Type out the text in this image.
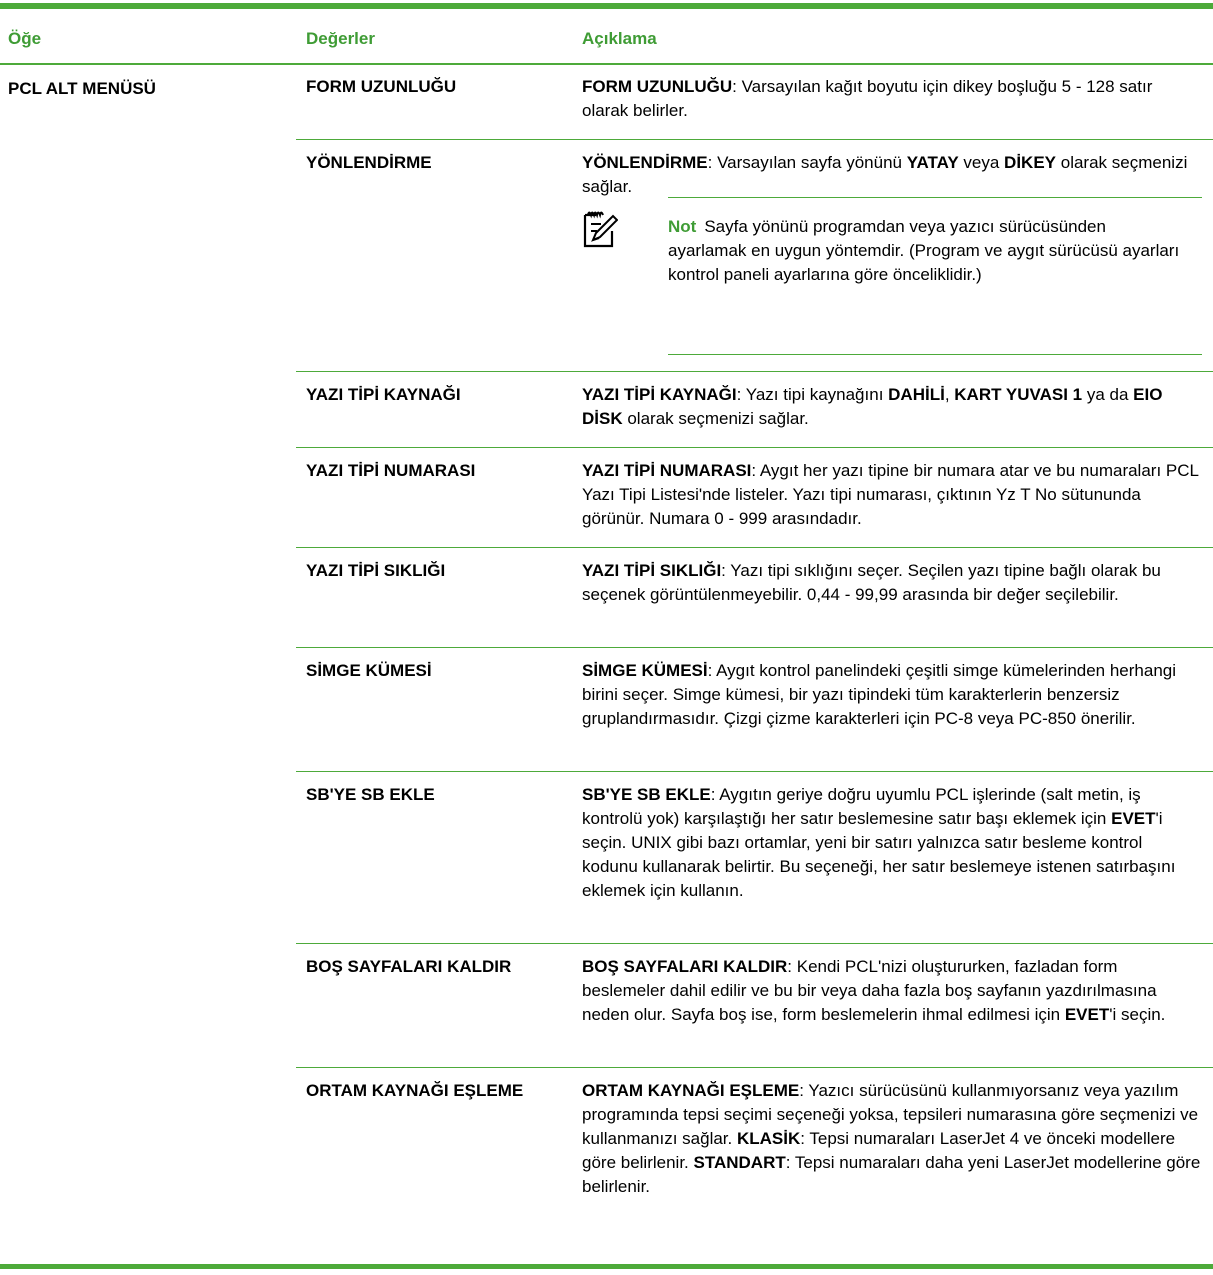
Öğe	Değerler	Açıklama
PCL ALT MENÜSÜ	FORM UZUNLUĞU	FORM UZUNLUĞU: Varsayılan kağıt boyutu için dikey boşluğu 5 - 128 satır olarak belirler.
YÖNLENDİRME	YÖNLENDİRME: Varsayılan sayfa yönünü YATAY veya DİKEY olarak seçmenizi sağlar.
Not Sayfa yönünü programdan veya yazıcı sürücüsünden ayarlamak en uygun yöntemdir. (Program ve aygıt sürücüsü ayarları kontrol paneli ayarlarına göre önceliklidir.)
YAZI TİPİ KAYNAĞI	YAZI TİPİ KAYNAĞI: Yazı tipi kaynağını DAHİLİ, KART YUVASI 1 ya da EIO DİSK olarak seçmenizi sağlar.
YAZI TİPİ NUMARASI	YAZI TİPİ NUMARASI: Aygıt her yazı tipine bir numara atar ve bu numaraları PCL Yazı Tipi Listesi'nde listeler. Yazı tipi numarası, çıktının Yz T No sütununda görünür. Numara 0 - 999 arasındadır.
YAZI TİPİ SIKLIĞI	YAZI TİPİ SIKLIĞI: Yazı tipi sıklığını seçer. Seçilen yazı tipine bağlı olarak bu seçenek görüntülenmeyebilir. 0,44 - 99,99 arasında bir değer seçilebilir.
SİMGE KÜMESİ	SİMGE KÜMESİ: Aygıt kontrol panelindeki çeşitli simge kümelerinden herhangi birini seçer. Simge kümesi, bir yazı tipindeki tüm karakterlerin benzersiz gruplandırmasıdır. Çizgi çizme karakterleri için PC-8 veya PC-850 önerilir.
SB'YE SB EKLE	SB'YE SB EKLE: Aygıtın geriye doğru uyumlu PCL işlerinde (salt metin, iş kontrolü yok) karşılaştığı her satır beslemesine satır başı eklemek için EVET'i seçin. UNIX gibi bazı ortamlar, yeni bir satırı yalnızca satır besleme kontrol kodunu kullanarak belirtir. Bu seçeneği, her satır beslemeye istenen satırbaşını eklemek için kullanın.
BOŞ SAYFALARI KALDIR	BOŞ SAYFALARI KALDIR: Kendi PCL'nizi oluştururken, fazladan form beslemeler dahil edilir ve bu bir veya daha fazla boş sayfanın yazdırılmasına neden olur. Sayfa boş ise, form beslemelerin ihmal edilmesi için EVET'i seçin.
ORTAM KAYNAĞI EŞLEME	ORTAM KAYNAĞI EŞLEME: Yazıcı sürücüsünü kullanmıyorsanız veya yazılım programında tepsi seçimi seçeneği yoksa, tepsileri numarasına göre seçmenizi ve kullanmanızı sağlar. KLASİK: Tepsi numaraları LaserJet 4 ve önceki modellere göre belirlenir. STANDART: Tepsi numaraları daha yeni LaserJet modellerine göre belirlenir.
